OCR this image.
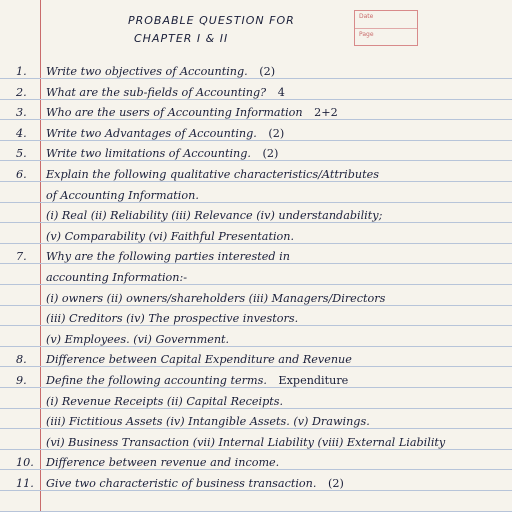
PROBABLE QUESTION FOR
CHAPTER I & II
Date
Page
1.	Write two objectives of Accounting. (2)
2.	What are the sub-fields of Accounting? 4
3.	Who are the users of Accounting Information 2+2
4.	Write two Advantages of Accounting. (2)
5.	Write two limitations of Accounting. (2)
6.	Explain the following qualitative characteristics/Attributes
of Accounting Information.
(i) Real (ii) Reliability (iii) Relevance (iv) understandability;
(v) Comparability (vi) Faithful Presentation.
7.	Why are the following parties interested in
accounting Information:-
(i) owners (ii) owners/shareholders (iii) Managers/Directors
(iii) Creditors (iv) The prospective investors.
(v) Employees. (vi) Government.
8.	Difference between Capital Expenditure and Revenue
9.	Define the following accounting terms. Expenditure
(i) Revenue Receipts (ii) Capital Receipts.
(iii) Fictitious Assets (iv) Intangible Assets. (v) Drawings.
(vi) Business Transaction (vii) Internal Liability (viii) External Liability
10.	Difference between revenue and income.
11.	Give two characteristic of business transaction. (2)
